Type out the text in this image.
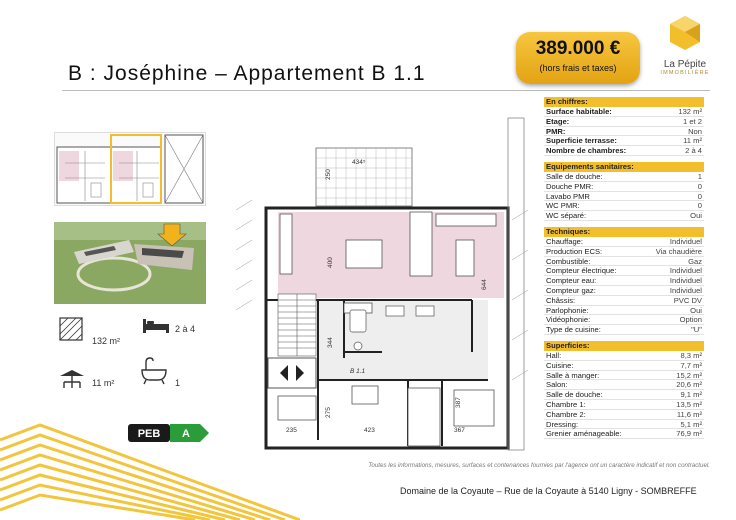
B : Joséphine – Appartement B 1.1
389.000 €
(hors frais et taxes)	La Pépite
IMMOBILIÈRE
132 m²
2 à 4
11 m²	1
PEB A
434⁵
250
400
644
344
387
235	423	367
275
B 1.1
En chiffres:
Surface habitable:	132 m²
Etage:	1 et 2
PMR:	Non
Superficie terrasse:	11 m²
Nombre de chambres:	2 à 4
Equipements sanitaires:
Salle de douche:	1
Douche PMR:	0
Lavabo PMR	0
WC PMR:	0
WC séparé:	Oui
Techniques:
Chauffage:	Individuel
Production ECS:	Via chaudière
Combustible:	Gaz
Compteur électrique:	Individuel
Compteur eau:	Individuel
Compteur gaz:	Individuel
Châssis:	PVC DV
Parlophonie:	Oui
Vidéophonie:	Option
Type de cuisine:	"U"
Superficies:
Hall:	8,3 m²
Cuisine:	7,7 m²
Salle à manger:	15,2 m²
Salon:	20,6 m²
Salle de douche:	9,1 m²
Chambre 1:	13,5 m²
Chambre 2:	11,6 m²
Dressing:	5,1 m²
Grenier aménageable:	76,9 m²
Toutes les informations, mesures, surfaces et contenances fournies par l'agence ont un caractère indicatif et non contractuel.
Domaine de la Coyaute – Rue de la Coyaute à 5140 Ligny - SOMBREFFE
